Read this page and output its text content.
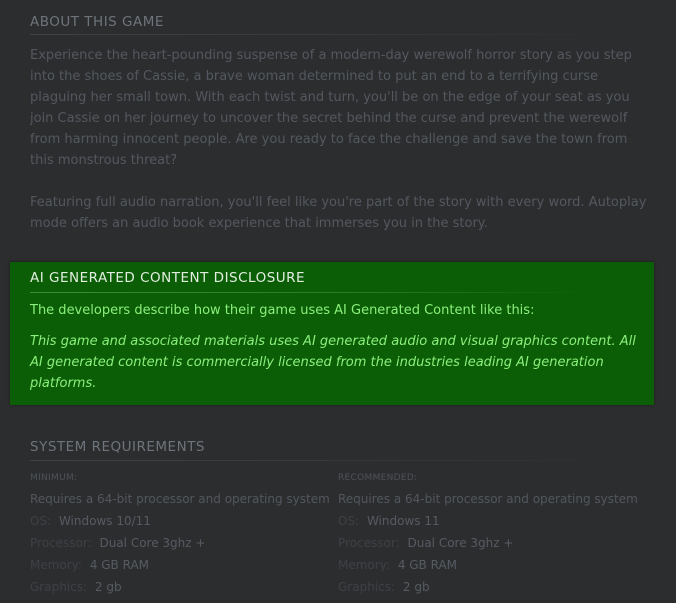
ABOUT THIS GAME

Experience the heart-pounding suspense of a modern-day werewolf horror story as you step into the shoes of Cassie, a brave woman determined to put an end to a terrifying curse plaguing her small town. With each twist and turn, you'll be on the edge of your seat as you join Cassie on her journey to uncover the secret behind the curse and prevent the werewolf from harming innocent people. Are you ready to face the challenge and save the town from this monstrous threat?

Featuring full audio narration, you'll feel like you're part of the story with every word. Autoplay mode offers an audio book experience that immerses you in the story.

AI GENERATED CONTENT DISCLOSURE

The developers describe how their game uses AI Generated Content like this:

This game and associated materials uses AI generated audio and visual graphics content. All AI generated content is commercially licensed from the industries leading AI generation platforms.

SYSTEM REQUIREMENTS

MINIMUM:

Requires a 64-bit processor and operating system

OS: Windows 10/11
Processor: Dual Core 3ghz +
Memory: 4 GB RAM
Graphics: 2 gb

RECOMMENDED:

Requires a 64-bit processor and operating system

OS: Windows 11
Processor: Dual Core 3ghz +
Memory: 4 GB RAM
Graphics: 2 gb
